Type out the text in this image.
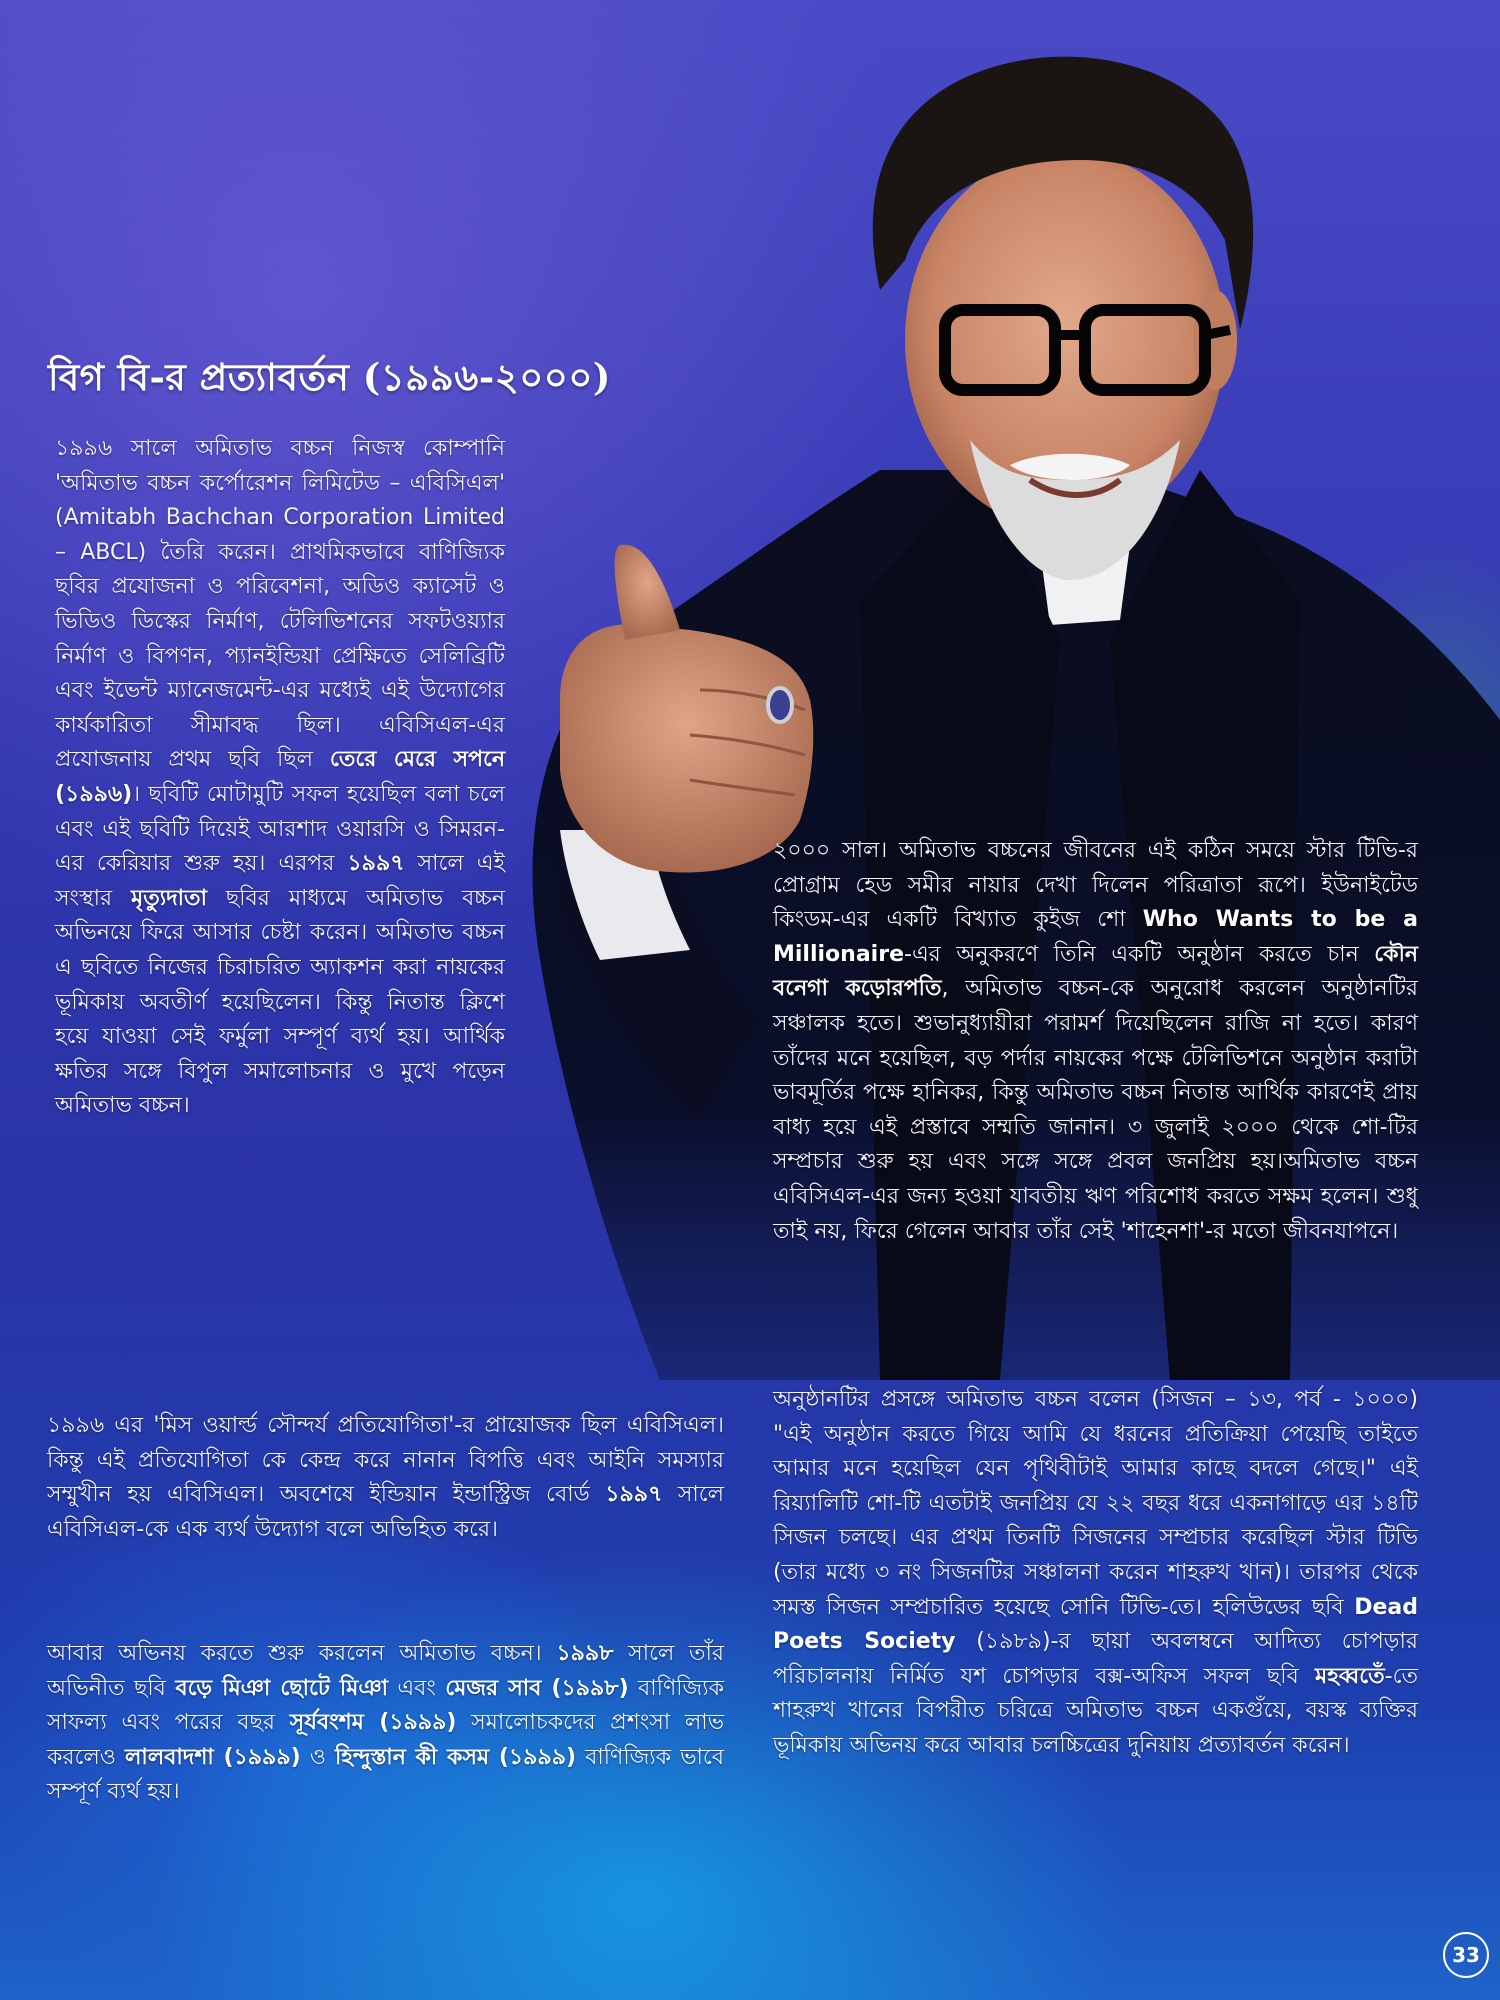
বিগ বি-র প্রত্যাবর্তন (১৯৯৬-২০০০)

১৯৯৬ সালে অমিতাভ বচ্চন নিজস্ব কোম্পানি 'অমিতাভ বচ্চন কর্পোরেশন লিমিটেড – এবিসিএল' (Amitabh Bachchan Corporation Limited – ABCL) তৈরি করেন। প্রাথমিকভাবে বাণিজ্যিক ছবির প্রযোজনা ও পরিবেশনা, অডিও ক্যাসেট ও ভিডিও ডিস্কের নির্মাণ, টেলিভিশনের সফটওয়্যার নির্মাণ ও বিপণন, প্যানইন্ডিয়া প্রেক্ষিতে সেলিব্রিটি এবং ইভেন্ট ম্যানেজমেন্ট-এর মধ্যেই এই উদ্যোগের কার্যকারিতা সীমাবদ্ধ ছিল। এবিসিএল-এর প্রযোজনায় প্রথম ছবি ছিল তেরে মেরে সপনে (১৯৯৬)। ছবিটি মোটামুটি সফল হয়েছিল বলা চলে এবং এই ছবিটি দিয়েই আরশাদ ওয়ারসি ও সিমরন-এর কেরিয়ার শুরু হয়। এরপর ১৯৯৭ সালে এই সংস্থার মৃত্যুদাতা ছবির মাধ্যমে অমিতাভ বচ্চন অভিনয়ে ফিরে আসার চেষ্টা করেন। অমিতাভ বচ্চন এ ছবিতে নিজের চিরাচরিত অ্যাকশন করা নায়কের ভূমিকায় অবতীর্ণ হয়েছিলেন। কিন্তু নিতান্ত ক্লিশে হয়ে যাওয়া সেই ফর্মুলা সম্পূর্ণ ব্যর্থ হয়। আর্থিক ক্ষতির সঙ্গে বিপুল সমালোচনার ও মুখে পড়েন অমিতাভ বচ্চন।

১৯৯৬ এর 'মিস ওয়ার্ল্ড সৌন্দর্য প্রতিযোগিতা'-র প্রায়োজক ছিল এবিসিএল। কিন্তু এই প্রতিযোগিতা কে কেন্দ্র করে নানান বিপত্তি এবং আইনি সমস্যার সম্মুখীন হয় এবিসিএল। অবশেষে ইন্ডিয়ান ইন্ডাস্ট্রিজ বোর্ড ১৯৯৭ সালে এবিসিএল-কে এক ব্যর্থ উদ্যোগ বলে অভিহিত করে।

আবার অভিনয় করতে শুরু করলেন অমিতাভ বচ্চন। ১৯৯৮ সালে তাঁর অভিনীত ছবি বড়ে মিঞা ছোটে মিঞা এবং মেজর সাব (১৯৯৮) বাণিজ্যিক সাফল্য এবং পরের বছর সূর্যবংশম (১৯৯৯) সমালোচকদের প্রশংসা লাভ করলেও লালবাদশা (১৯৯৯) ও হিন্দুস্তান কী কসম (১৯৯৯) বাণিজ্যিক ভাবে সম্পূর্ণ ব্যর্থ হয়।

২০০০ সাল। অমিতাভ বচ্চনের জীবনের এই কঠিন সময়ে স্টার টিভি-র প্রোগ্রাম হেড সমীর নায়ার দেখা দিলেন পরিত্রাতা রূপে। ইউনাইটেড কিংডম-এর একটি বিখ্যাত কুইজ শো Who Wants to be a Millionaire-এর অনুকরণে তিনি একটি অনুষ্ঠান করতে চান কৌন বনেগা কড়োরপতি, অমিতাভ বচ্চন-কে অনুরোধ করলেন অনুষ্ঠানটির সঞ্চালক হতে। শুভানুধ্যায়ীরা পরামর্শ দিয়েছিলেন রাজি না হতে। কারণ তাঁদের মনে হয়েছিল, বড় পর্দার নায়কের পক্ষে টেলিভিশনে অনুষ্ঠান করাটা ভাবমূর্তির পক্ষে হানিকর, কিন্তু অমিতাভ বচ্চন নিতান্ত আর্থিক কারণেই প্রায় বাধ্য হয়ে এই প্রস্তাবে সম্মতি জানান। ৩ জুলাই ২০০০ থেকে শো-টির সম্প্রচার শুরু হয় এবং সঙ্গে সঙ্গে প্রবল জনপ্রিয় হয়।অমিতাভ বচ্চন এবিসিএল-এর জন্য হওয়া যাবতীয় ঋণ পরিশোধ করতে সক্ষম হলেন। শুধু তাই নয়, ফিরে গেলেন আবার তাঁর সেই 'শাহেনশা'-র মতো জীবনযাপনে।

অনুষ্ঠানটির প্রসঙ্গে অমিতাভ বচ্চন বলেন (সিজন – ১৩, পর্ব - ১০০০) "এই অনুষ্ঠান করতে গিয়ে আমি যে ধরনের প্রতিক্রিয়া পেয়েছি তাইতে আমার মনে হয়েছিল যেন পৃথিবীটাই আমার কাছে বদলে গেছে।" এই রিয়্যালিটি শো-টি এতটাই জনপ্রিয় যে ২২ বছর ধরে একনাগাড়ে এর ১৪টি সিজন চলছে। এর প্রথম তিনটি সিজনের সম্প্রচার করেছিল স্টার টিভি (তার মধ্যে ৩ নং সিজনটির সঞ্চালনা করেন শাহরুখ খান)। তারপর থেকে সমস্ত সিজন সম্প্রচারিত হয়েছে সোনি টিভি-তে। হলিউডের ছবি Dead Poets Society (১৯৮৯)-র ছায়া অবলম্বনে আদিত্য চোপড়ার পরিচালনায় নির্মিত যশ চোপড়ার বক্স-অফিস সফল ছবি মহব্বতেঁ-তে শাহরুখ খানের বিপরীত চরিত্রে অমিতাভ বচ্চন একগুঁয়ে, বয়স্ক ব্যক্তির ভূমিকায় অভিনয় করে আবার চলচ্চিত্রের দুনিয়ায় প্রত্যাবর্তন করেন।

33
